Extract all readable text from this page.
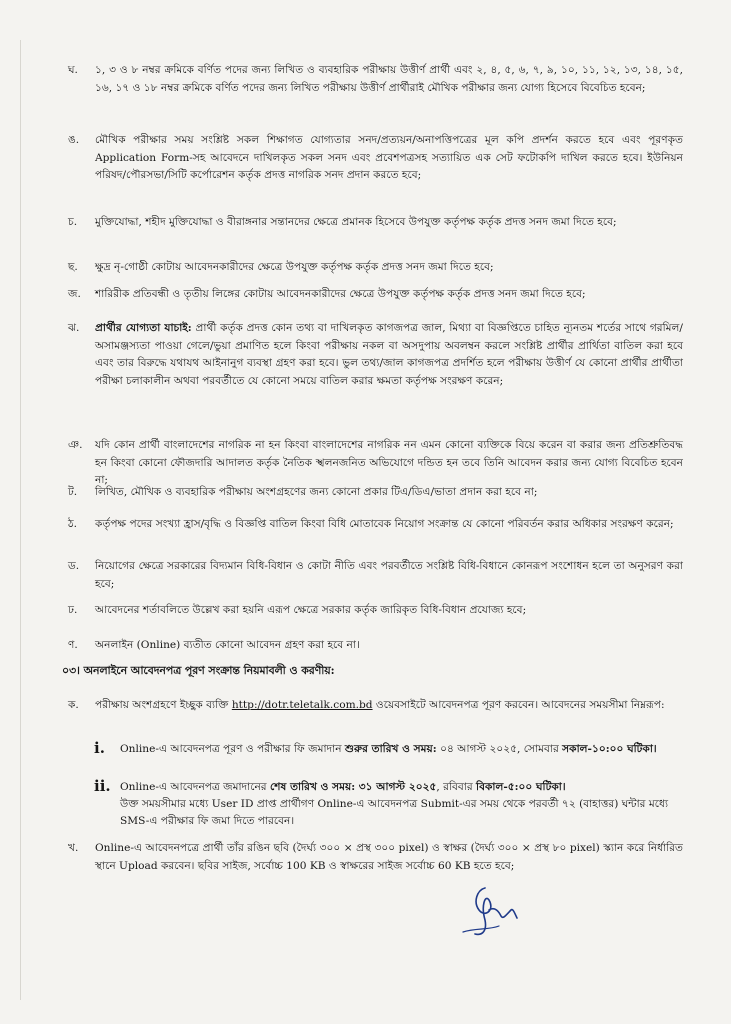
ঘ. ১, ৩ ও ৮ নম্বর ক্রমিকে বর্ণিত পদের জন্য লিখিত ও ব্যবহারিক পরীক্ষায় উত্তীর্ণ প্রার্থী এবং ২, ৪, ৫, ৬, ৭, ৯, ১০, ১১, ১২, ১৩, ১৪, ১৫, ১৬, ১৭ ও ১৮ নম্বর ক্রমিকে বর্ণিত পদের জন্য লিখিত পরীক্ষায় উত্তীর্ণ প্রার্থীরাই মৌখিক পরীক্ষার জন্য যোগ্য হিসেবে বিবেচিত হবেন;
ঙ. মৌখিক পরীক্ষার সময় সংশ্লিষ্ট সকল শিক্ষাগত যোগ্যতার সনদ/প্রত্যয়ন/অনাপত্তিপত্রের মূল কপি প্রদর্শন করতে হবে এবং পূরণকৃত Application Form-সহ আবেদনে দাখিলকৃত সকল সনদ এবং প্রবেশপত্রসহ সত্যায়িত এক সেট ফটোকপি দাখিল করতে হবে। ইউনিয়ন পরিষদ/পৌরসভা/সিটি কর্পোরেশন কর্তৃক প্রদত্ত নাগরিক সনদ প্রদান করতে হবে;
চ. মুক্তিযোদ্ধা, শহীদ মুক্তিযোদ্ধা ও বীরাঙ্গনার সন্তানদের ক্ষেত্রে প্রমানক হিসেবে উপযুক্ত কর্তৃপক্ষ কর্তৃক প্রদত্ত সনদ জমা দিতে হবে;
ছ. ক্ষুদ্র নৃ-গোষ্ঠী কোটায় আবেদনকারীদের ক্ষেত্রে উপযুক্ত কর্তৃপক্ষ কর্তৃক প্রদত্ত সনদ জমা দিতে হবে;
জ. শারিরীক প্রতিবন্ধী ও তৃতীয় লিঙ্গের কোটায় আবেদনকারীদের ক্ষেত্রে উপযুক্ত কর্তৃপক্ষ কর্তৃক প্রদত্ত সনদ জমা দিতে হবে;
ঝ. প্রার্থীর যোগ্যতা যাচাই: প্রার্থী কর্তৃক প্রদত্ত কোন তথ্য বা দাখিলকৃত কাগজপত্র জাল, মিথ্যা বা বিজ্ঞপ্তিতে চাহিত ন্যূনতম শর্তের সাথে গরমিল/অসামঞ্জস্যতা পাওয়া গেলে/ভুয়া প্রমাণিত হলে কিংবা পরীক্ষায় নকল বা অসদুপায় অবলম্বন করলে সংশ্লিষ্ট প্রার্থীর প্রার্থিতা বাতিল করা হবে এবং তার বিরুদ্ধে যথাযথ আইনানুগ ব্যবস্থা গ্রহণ করা হবে। ভুল তথ্য/জাল কাগজপত্র প্রদর্শিত হলে পরীক্ষায় উত্তীর্ণ যে কোনো প্রার্থীর প্রার্থীতা পরীক্ষা চলাকালীন অথবা পরবর্তীতে যে কোনো সময়ে বাতিল করার ক্ষমতা কর্তৃপক্ষ সংরক্ষণ করেন;
ঞ. যদি কোন প্রার্থী বাংলাদেশের নাগরিক না হন কিংবা বাংলাদেশের নাগরিক নন এমন কোনো ব্যক্তিকে বিয়ে করেন বা করার জন্য প্রতিশ্রুতিবদ্ধ হন কিংবা কোনো ফৌজদারি আদালত কর্তৃক নৈতিক স্খলনজনিত অভিযোগে দন্ডিত হন তবে তিনি আবেদন করার জন্য যোগ্য বিবেচিত হবেন না;
ট. লিখিত, মৌখিক ও ব্যবহারিক পরীক্ষায় অংশগ্রহণের জন্য কোনো প্রকার টিএ/ডিএ/ভাতা প্রদান করা হবে না;
ঠ. কর্তৃপক্ষ পদের সংখ্যা হ্রাস/বৃদ্ধি ও বিজ্ঞপ্তি বাতিল কিংবা বিধি মোতাবেক নিয়োগ সংক্রান্ত যে কোনো পরিবর্তন করার অধিকার সংরক্ষণ করেন;
ড. নিয়োগের ক্ষেত্রে সরকারের বিদ্যমান বিধি-বিধান ও কোটা নীতি এবং পরবর্তীতে সংশ্লিষ্ট বিধি-বিধানে কোনরূপ সংশোধন হলে তা অনুসরণ করা হবে;
ঢ. আবেদনের শর্তাবলিতে উল্লেখ করা হয়নি এরূপ ক্ষেত্রে সরকার কর্তৃক জারিকৃত বিধি-বিধান প্রযোজ্য হবে;
ণ. অনলাইন (Online) ব্যতীত কোনো আবেদন গ্রহণ করা হবে না।
০৩। অনলাইনে আবেদনপত্র পূরণ সংক্রান্ত নিয়মাবলী ও করণীয়:
ক. পরীক্ষায় অংশগ্রহণে ইচ্ছুক ব্যক্তি http://dotr.teletalk.com.bd ওয়েবসাইটে আবেদনপত্র পূরণ করবেন। আবেদনের সময়সীমা নিম্নরূপ:
i. Online-এ আবেদনপত্র পূরণ ও পরীক্ষার ফি জমাদান শুরুর তারিখ ও সময়: ০৪ আগস্ট ২০২৫, সোমবার সকাল-১০:০০ ঘটিকা।
ii. Online-এ আবেদনপত্র জমাদানের শেষ তারিখ ও সময়: ৩১ আগস্ট ২০২৫, রবিবার বিকাল-৫:০০ ঘটিকা।
উক্ত সময়সীমার মধ্যে User ID প্রাপ্ত প্রার্থীগণ Online-এ আবেদনপত্র Submit-এর সময় থেকে পরবর্তী ৭২ (বাহাত্তর) ঘন্টার মধ্যে SMS-এ পরীক্ষার ফি জমা দিতে পারবেন।
খ. Online-এ আবেদনপত্রে প্রার্থী তাঁর রঙিন ছবি (দৈর্ঘ্য ৩০০ × প্রস্থ ৩০০ pixel) ও স্বাক্ষর (দৈর্ঘ্য ৩০০ × প্রস্থ ৮০ pixel) স্ক্যান করে নির্ধারিত স্থানে Upload করবেন। ছবির সাইজ, সর্বোচ্চ 100 KB ও স্বাক্ষরের সাইজ সর্বোচ্চ 60 KB হতে হবে;
